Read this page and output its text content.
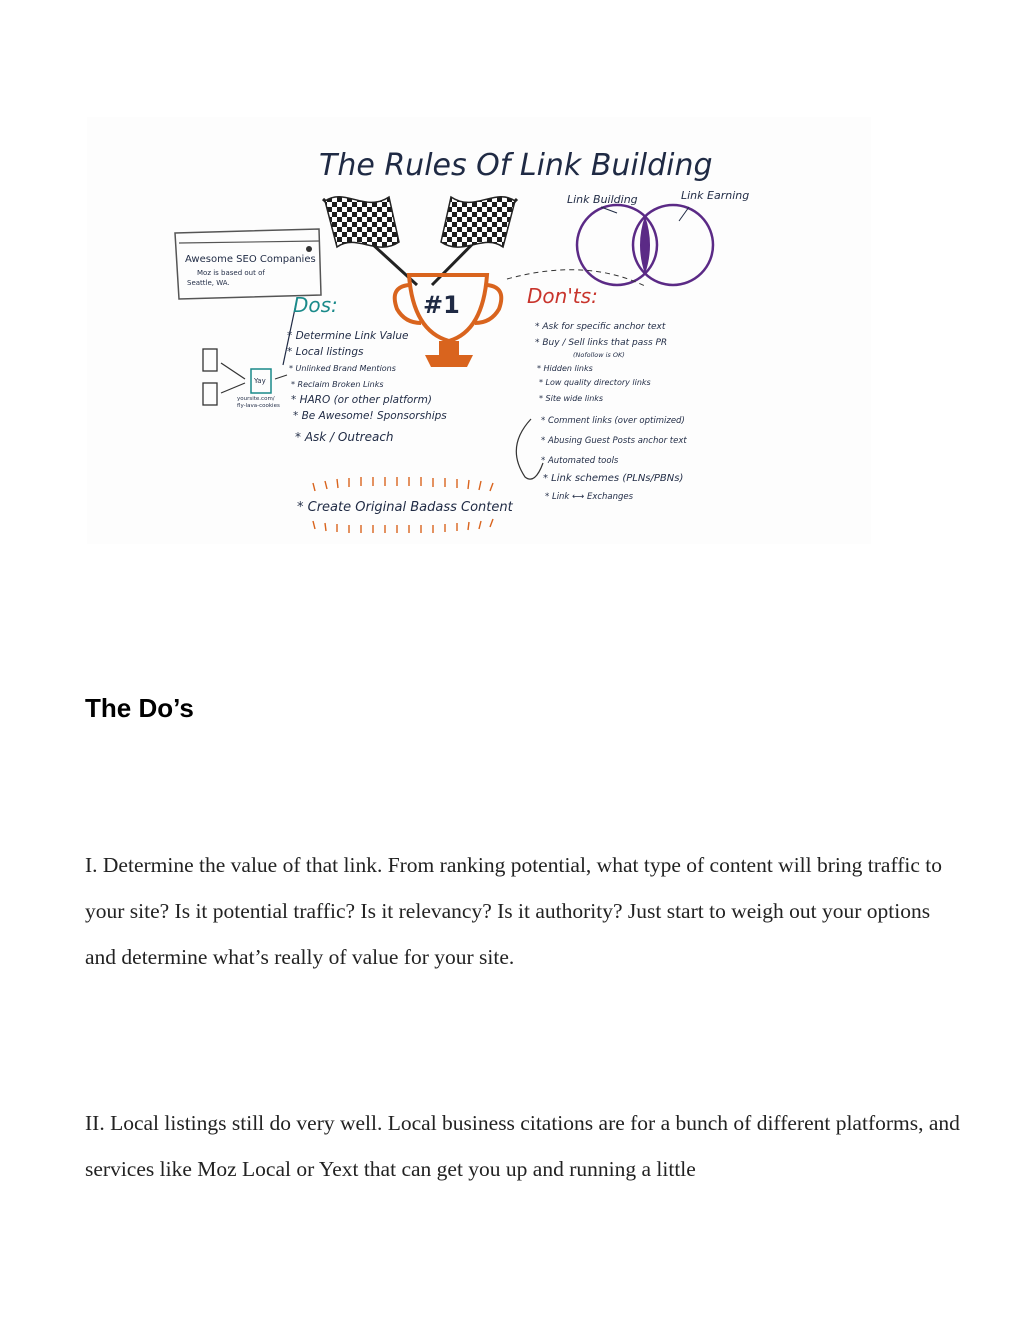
The Rules Of Link Building
Link Building	Link Earning
Awesome SEO Companies
Moz is based out of
Seattle, WA.
#1
Dos:
* Determine Link Value
* Local listings
* Unlinked Brand Mentions
* Reclaim Broken Links
* HARO (or other platform)
* Be Awesome! Sponsorships
* Ask / Outreach
Yay
yoursite.com/
fly-lava-cookies
Don'ts:
* Ask for specific anchor text
* Buy / Sell links that pass PR
(Nofollow is OK)
* Hidden links
* Low quality directory links
* Site wide links
* Comment links (over optimized)
* Abusing Guest Posts anchor text
* Automated tools
* Link schemes (PLNs/PBNs)
* Link ⟷ Exchanges
* Create Original Badass Content
The Do’s

I. Determine the value of that link. From ranking potential, what type of content will bring traffic to your site? Is it potential traffic? Is it relevancy? Is it authority? Just start to weigh out your options and determine what’s really of value for your site.

II. Local listings still do very well. Local business citations are for a bunch of different platforms, and services like Moz Local or Yext that can get you up and running a little
